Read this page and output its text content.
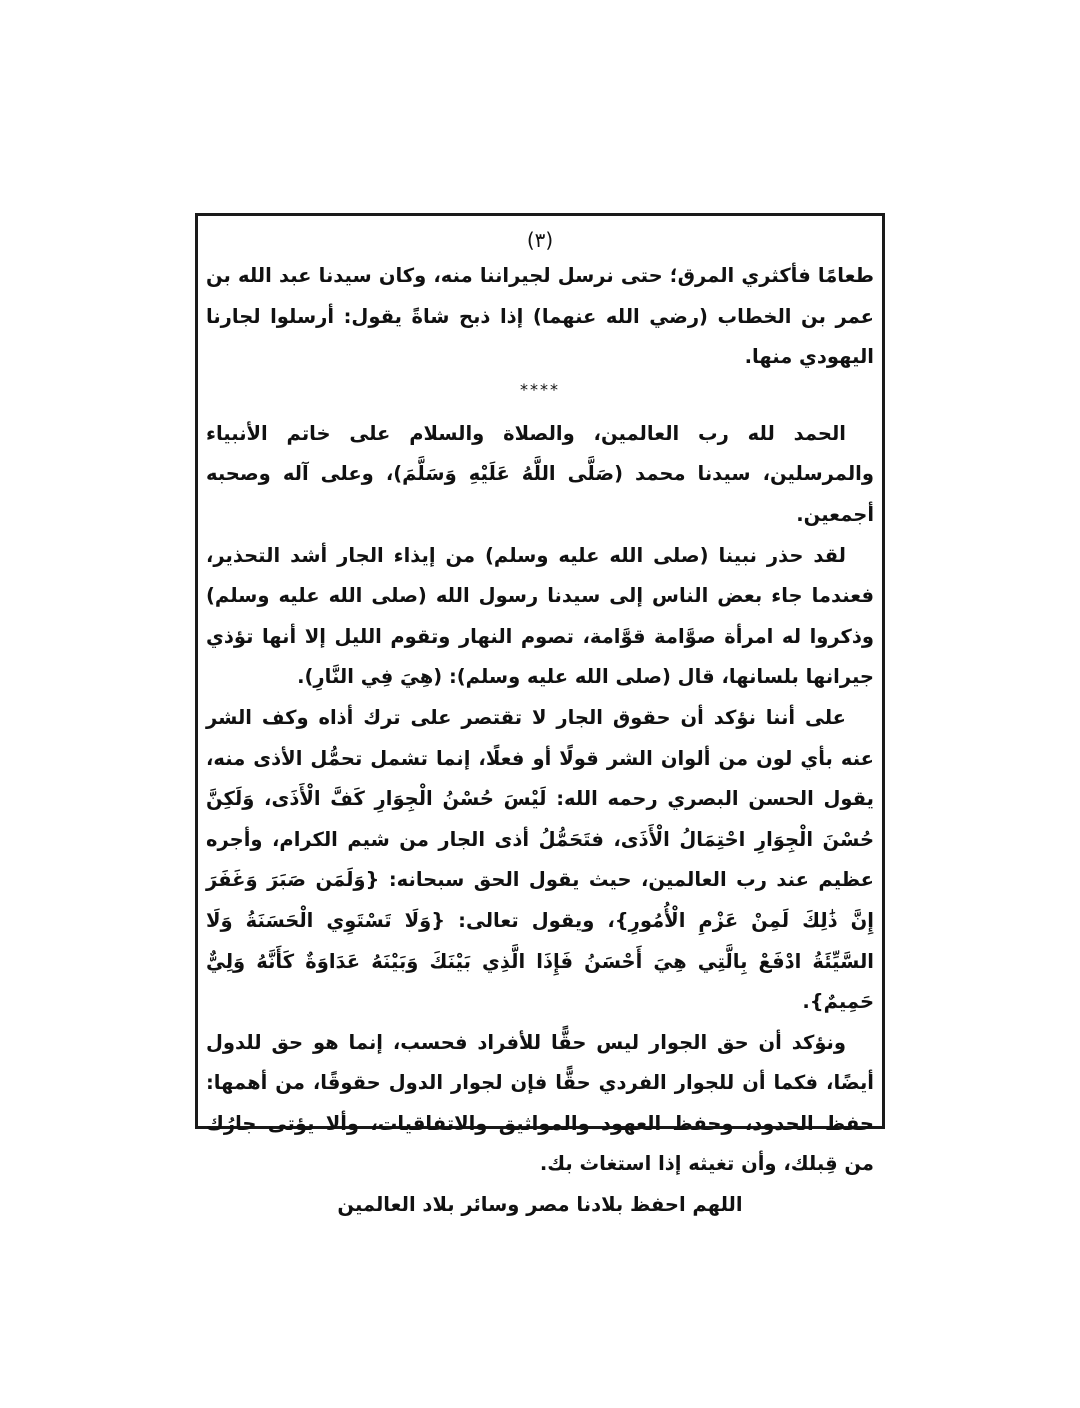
(٣)

طعامًا فأكثري المرق؛ حتى نرسل لجيراننا منه، وكان سيدنا عبد الله بن عمر بن الخطاب (رضي الله عنهما) إذا ذبح شاةً يقول: أرسلوا لجارنا اليهودي منها.

****

الحمد لله رب العالمين، والصلاة والسلام على خاتم الأنبياء والمرسلين، سيدنا محمد (صَلَّى اللَّهُ عَلَيْهِ وَسَلَّمَ)، وعلى آله وصحبه أجمعين.

لقد حذر نبينا (صلى الله عليه وسلم) من إيذاء الجار أشد التحذير، فعندما جاء بعض الناس إلى سيدنا رسول الله (صلى الله عليه وسلم) وذكروا له امرأة صوَّامة قوَّامة، تصوم النهار وتقوم الليل إلا أنها تؤذي جيرانها بلسانها، قال (صلى الله عليه وسلم): (هِيَ فِي النَّارِ).

على أننا نؤكد أن حقوق الجار لا تقتصر على ترك أذاه وكف الشر عنه بأي لون من ألوان الشر قولًا أو فعلًا، إنما تشمل تحمُّل الأذى منه، يقول الحسن البصري رحمه الله: لَيْسَ حُسْنُ الْجِوَارِ كَفَّ الْأَذَى، وَلَكِنَّ حُسْنَ الْجِوَارِ احْتِمَالُ الْأَذَى، فتَحَمُّلُ أذى الجار من شيم الكرام، وأجره عظيم عند رب العالمين، حيث يقول الحق سبحانه: {وَلَمَن صَبَرَ وَغَفَرَ إِنَّ ذَٰلِكَ لَمِنْ عَزْمِ الْأُمُورِ}، ويقول تعالى: {وَلَا تَسْتَوِي الْحَسَنَةُ وَلَا السَّيِّئَةُ ادْفَعْ بِالَّتِي هِيَ أَحْسَنُ فَإِذَا الَّذِي بَيْنَكَ وَبَيْنَهُ عَدَاوَةٌ كَأَنَّهُ وَلِيٌّ حَمِيمٌ}.

ونؤكد أن حق الجوار ليس حقًّا للأفراد فحسب، إنما هو حق للدول أيضًا، فكما أن للجوار الفردي حقًّا فإن لجوار الدول حقوقًا، من أهمها: حفظ الحدود، وحفظ العهود والمواثيق والاتفاقيات، وألا يؤتى جارُك من قِبلك، وأن تغيثه إذا استغاث بك.

اللهم احفظ بلادنا مصر وسائر بلاد العالمين
